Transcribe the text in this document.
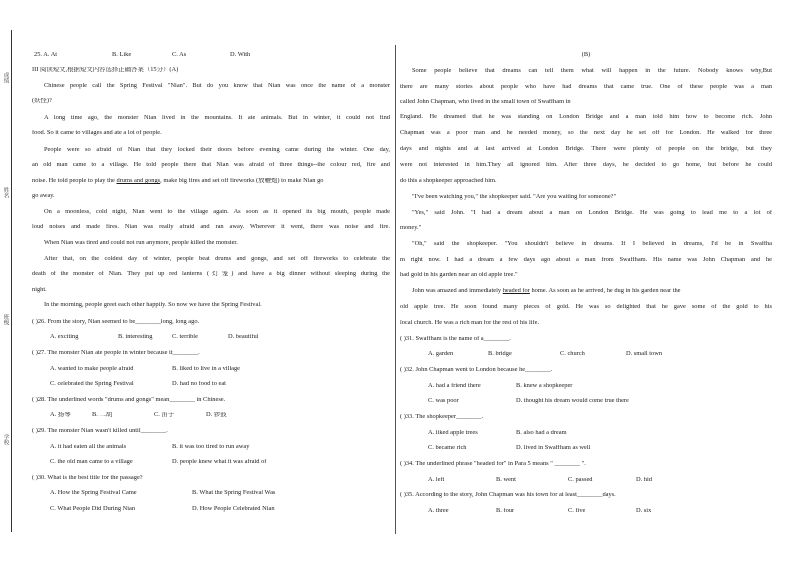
成绩
姓名
班级
学校
25. A. At	B. Like	C. As	D. With
III 阅读短文,根据短文内容选择正确答案（15分）(A)
Chinese people call the Spring Festival "Nian". But do you know that Nian was once the name of a monster
(妖怪)?
A long time ago, the monster Nian lived in the mountains. It ate animals. But in winter, it could not find
food. So it came to villages and ate a lot of people.
People were so afraid of Nian that they locked their doors before evening came during the winter. One day,
an old man came to a village. He told people there that Nian was afraid of three things--the colour red, fire and
noise. He told people to play the drums and gongs, make big fires and set off fireworks (放鞭炮) to make Nian go
go away.
On a moonless, cold night, Nian went to the village again. As soon as it opened its big mouth, people made
loud noises and made fires. Nian was really afraid and ran away. Wherever it went, there was noise and fire.
When Nian was tired and could not run anymore, people killed the monster.
After that, on the coldest day of winter, people beat drums and gongs, and set off fireworks to celebrate the
death of the monster of Nian. They put up red lanterns (灯笼) and have a big dinner without sleeping during the
night.
In the morning, people greet each other happily. So now we have the Spring Festival.
( )26. From the story, Nian seemed to be________long, long ago.
A. exciting	B. interesting	C. terrible	D. beautiful
( )27. The monster Nian ate people in winter because it________.
A. wanted to make people afraid	B. liked to live in a village
C. celebrated the Spring Festival	D. had no food to eat
( )28. The underlined words "drums and gongs" mean________ in Chinese.
A. 扬琴	B. 二胡	C. 笛子	D. 锣鼓
( )29. The monster Nian wasn't killed until________.
A. it had eaten all the animals	B. it was too tired to run away
C. the old man came to a village	D. people knew what it was afraid of
( )30. What is the best title for the passage?
A. How the Spring Festival Came	B. What the Spring Festival Was
C. What People Did During Nian	D. How People Celebrated Nian
(B)
Some people believe that dreams can tell them what will happen in the future. Nobody knows why,But
there are many stories about people who have had dreams that came true. One of these people was a man
called John Chapman, who lived in the small town of Swaffham in
England. He dreamed that he was standing on London Bridge and a man told him how to become rich. John
Chapman was a poor man and he needed money, so the next day he set off for London. He walked for three
days and nights and at last arrived at London Bridge. There were plenty of people on the bridge, but they
were not interested in him.They all ignored him. After three days, he decided to go home, but before he could
do this a shopkeeper approached him.
"I've been watching you," the shopkeeper said. "Are you waiting for someone?"
"Yes," said John. "I had a dream about a man on London Bridge. He was going to lead me to a lot of
money."
"Oh," said the shopkeeper. "You shouldn't believe in dreams. If I believed in dreams, I'd be in Swaffha
m right now. I had a dream a few days ago about a man from Swaffham. His name was John Chapman and he
had gold in his garden near an old apple tree."
John was amazed and immediately headed for home. As soon as he arrived, he dug in his garden near the
old apple tree. He soon found many pieces of gold. He was so delighted that he gave some of the gold to his
local church. He was a rich man for the rest of his life.
( )31. Swaffham is the name of a________.
A. garden	B. bridge	C. church	D. small town
( )32. John Chapman went to London because he________.
A. had a friend there	B. knew a shopkeeper
C. was poor	D. thought his dream would come true there
( )33. The shopkeeper________.
A. liked apple trees	B. also had a dream
C. became rich	D. lived in Swaffham as well
( )34. The underlined phrase "headed for" in Para 5 means " ________ ".
A. left	B. went	C. passed	D. hid
( )35. According to the story, John Chapman was his town for at least________days.
A. three	B. four	C. five	D. six
